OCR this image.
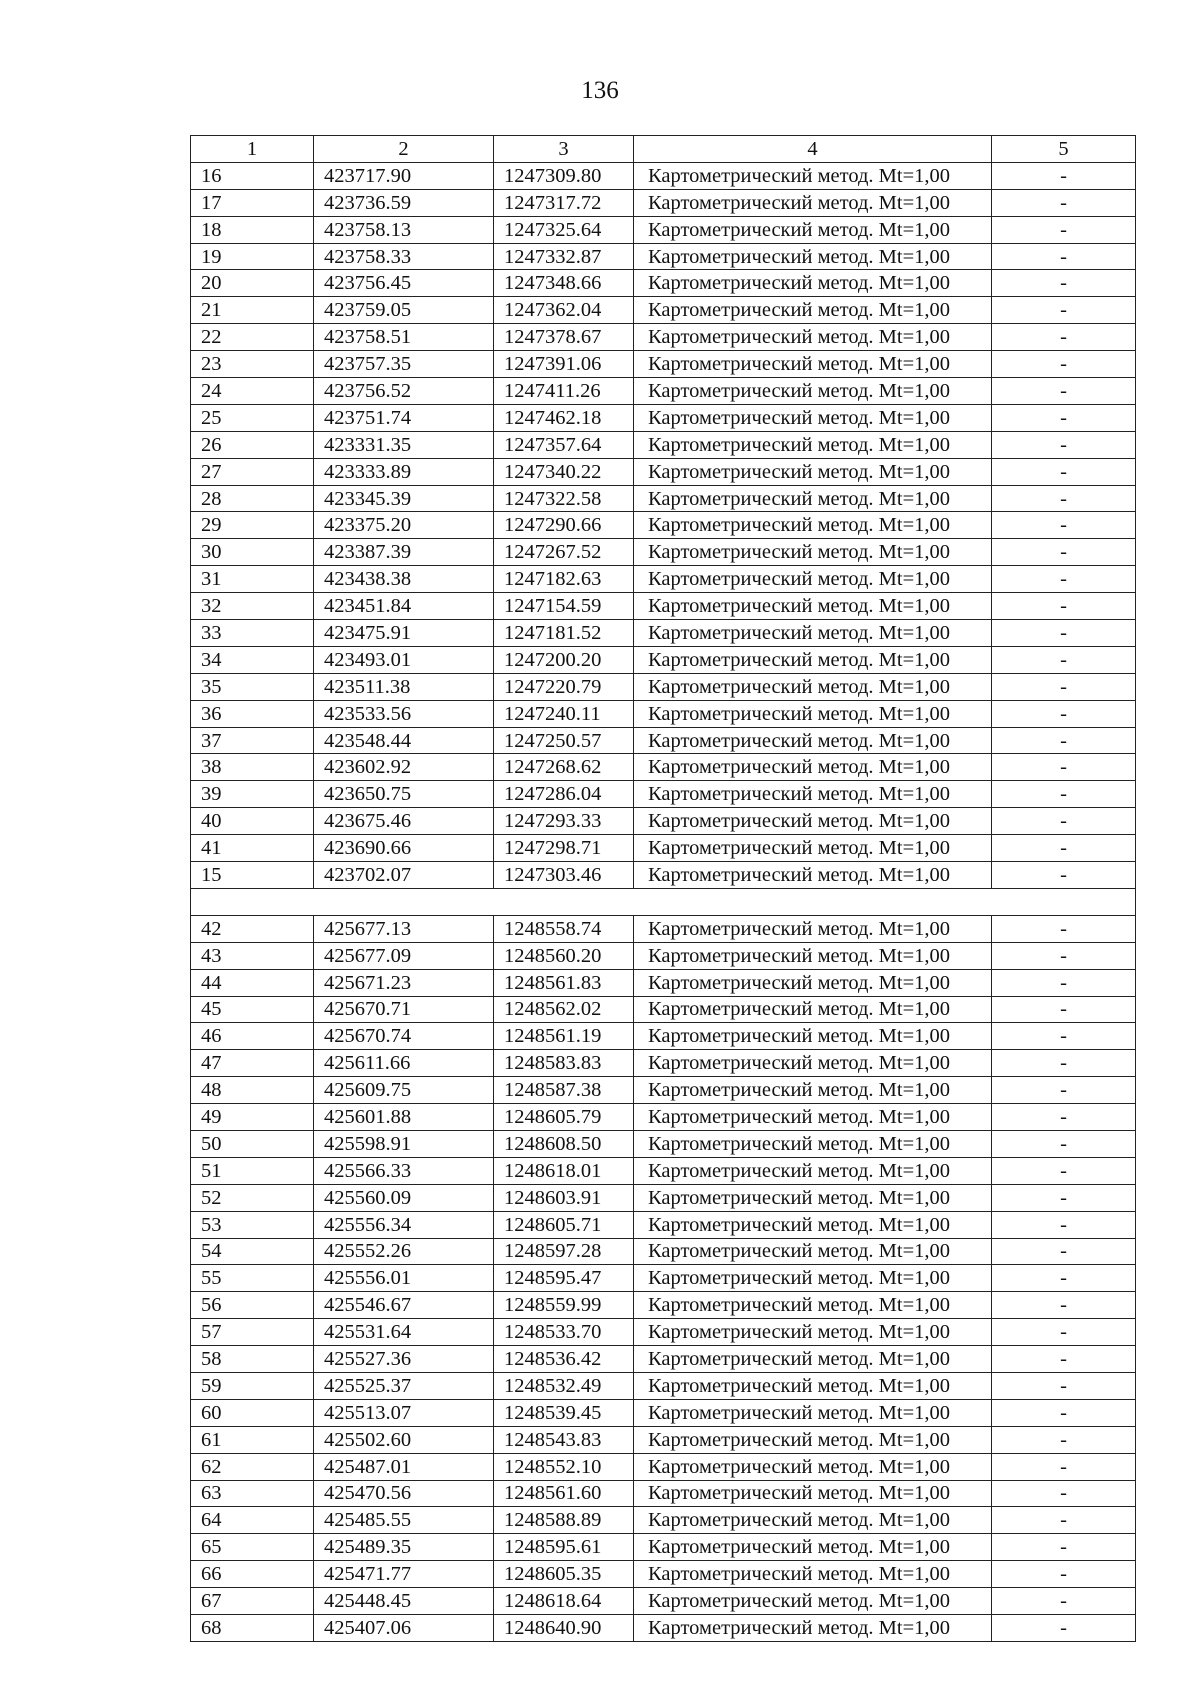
136
1	2	3	4	5
16	423717.90	1247309.80	Картометрический метод. Mt=1,00	-
17	423736.59	1247317.72	Картометрический метод. Mt=1,00	-
18	423758.13	1247325.64	Картометрический метод. Mt=1,00	-
19	423758.33	1247332.87	Картометрический метод. Mt=1,00	-
20	423756.45	1247348.66	Картометрический метод. Mt=1,00	-
21	423759.05	1247362.04	Картометрический метод. Mt=1,00	-
22	423758.51	1247378.67	Картометрический метод. Mt=1,00	-
23	423757.35	1247391.06	Картометрический метод. Mt=1,00	-
24	423756.52	1247411.26	Картометрический метод. Mt=1,00	-
25	423751.74	1247462.18	Картометрический метод. Mt=1,00	-
26	423331.35	1247357.64	Картометрический метод. Mt=1,00	-
27	423333.89	1247340.22	Картометрический метод. Mt=1,00	-
28	423345.39	1247322.58	Картометрический метод. Mt=1,00	-
29	423375.20	1247290.66	Картометрический метод. Mt=1,00	-
30	423387.39	1247267.52	Картометрический метод. Mt=1,00	-
31	423438.38	1247182.63	Картометрический метод. Mt=1,00	-
32	423451.84	1247154.59	Картометрический метод. Mt=1,00	-
33	423475.91	1247181.52	Картометрический метод. Mt=1,00	-
34	423493.01	1247200.20	Картометрический метод. Mt=1,00	-
35	423511.38	1247220.79	Картометрический метод. Mt=1,00	-
36	423533.56	1247240.11	Картометрический метод. Mt=1,00	-
37	423548.44	1247250.57	Картометрический метод. Mt=1,00	-
38	423602.92	1247268.62	Картометрический метод. Mt=1,00	-
39	423650.75	1247286.04	Картометрический метод. Mt=1,00	-
40	423675.46	1247293.33	Картометрический метод. Mt=1,00	-
41	423690.66	1247298.71	Картометрический метод. Mt=1,00	-
15	423702.07	1247303.46	Картометрический метод. Mt=1,00	-

42	425677.13	1248558.74	Картометрический метод. Mt=1,00	-
43	425677.09	1248560.20	Картометрический метод. Mt=1,00	-
44	425671.23	1248561.83	Картометрический метод. Mt=1,00	-
45	425670.71	1248562.02	Картометрический метод. Mt=1,00	-
46	425670.74	1248561.19	Картометрический метод. Mt=1,00	-
47	425611.66	1248583.83	Картометрический метод. Mt=1,00	-
48	425609.75	1248587.38	Картометрический метод. Mt=1,00	-
49	425601.88	1248605.79	Картометрический метод. Mt=1,00	-
50	425598.91	1248608.50	Картометрический метод. Mt=1,00	-
51	425566.33	1248618.01	Картометрический метод. Mt=1,00	-
52	425560.09	1248603.91	Картометрический метод. Mt=1,00	-
53	425556.34	1248605.71	Картометрический метод. Mt=1,00	-
54	425552.26	1248597.28	Картометрический метод. Mt=1,00	-
55	425556.01	1248595.47	Картометрический метод. Mt=1,00	-
56	425546.67	1248559.99	Картометрический метод. Mt=1,00	-
57	425531.64	1248533.70	Картометрический метод. Mt=1,00	-
58	425527.36	1248536.42	Картометрический метод. Mt=1,00	-
59	425525.37	1248532.49	Картометрический метод. Mt=1,00	-
60	425513.07	1248539.45	Картометрический метод. Mt=1,00	-
61	425502.60	1248543.83	Картометрический метод. Mt=1,00	-
62	425487.01	1248552.10	Картометрический метод. Mt=1,00	-
63	425470.56	1248561.60	Картометрический метод. Mt=1,00	-
64	425485.55	1248588.89	Картометрический метод. Mt=1,00	-
65	425489.35	1248595.61	Картометрический метод. Mt=1,00	-
66	425471.77	1248605.35	Картометрический метод. Mt=1,00	-
67	425448.45	1248618.64	Картометрический метод. Mt=1,00	-
68	425407.06	1248640.90	Картометрический метод. Mt=1,00	-
